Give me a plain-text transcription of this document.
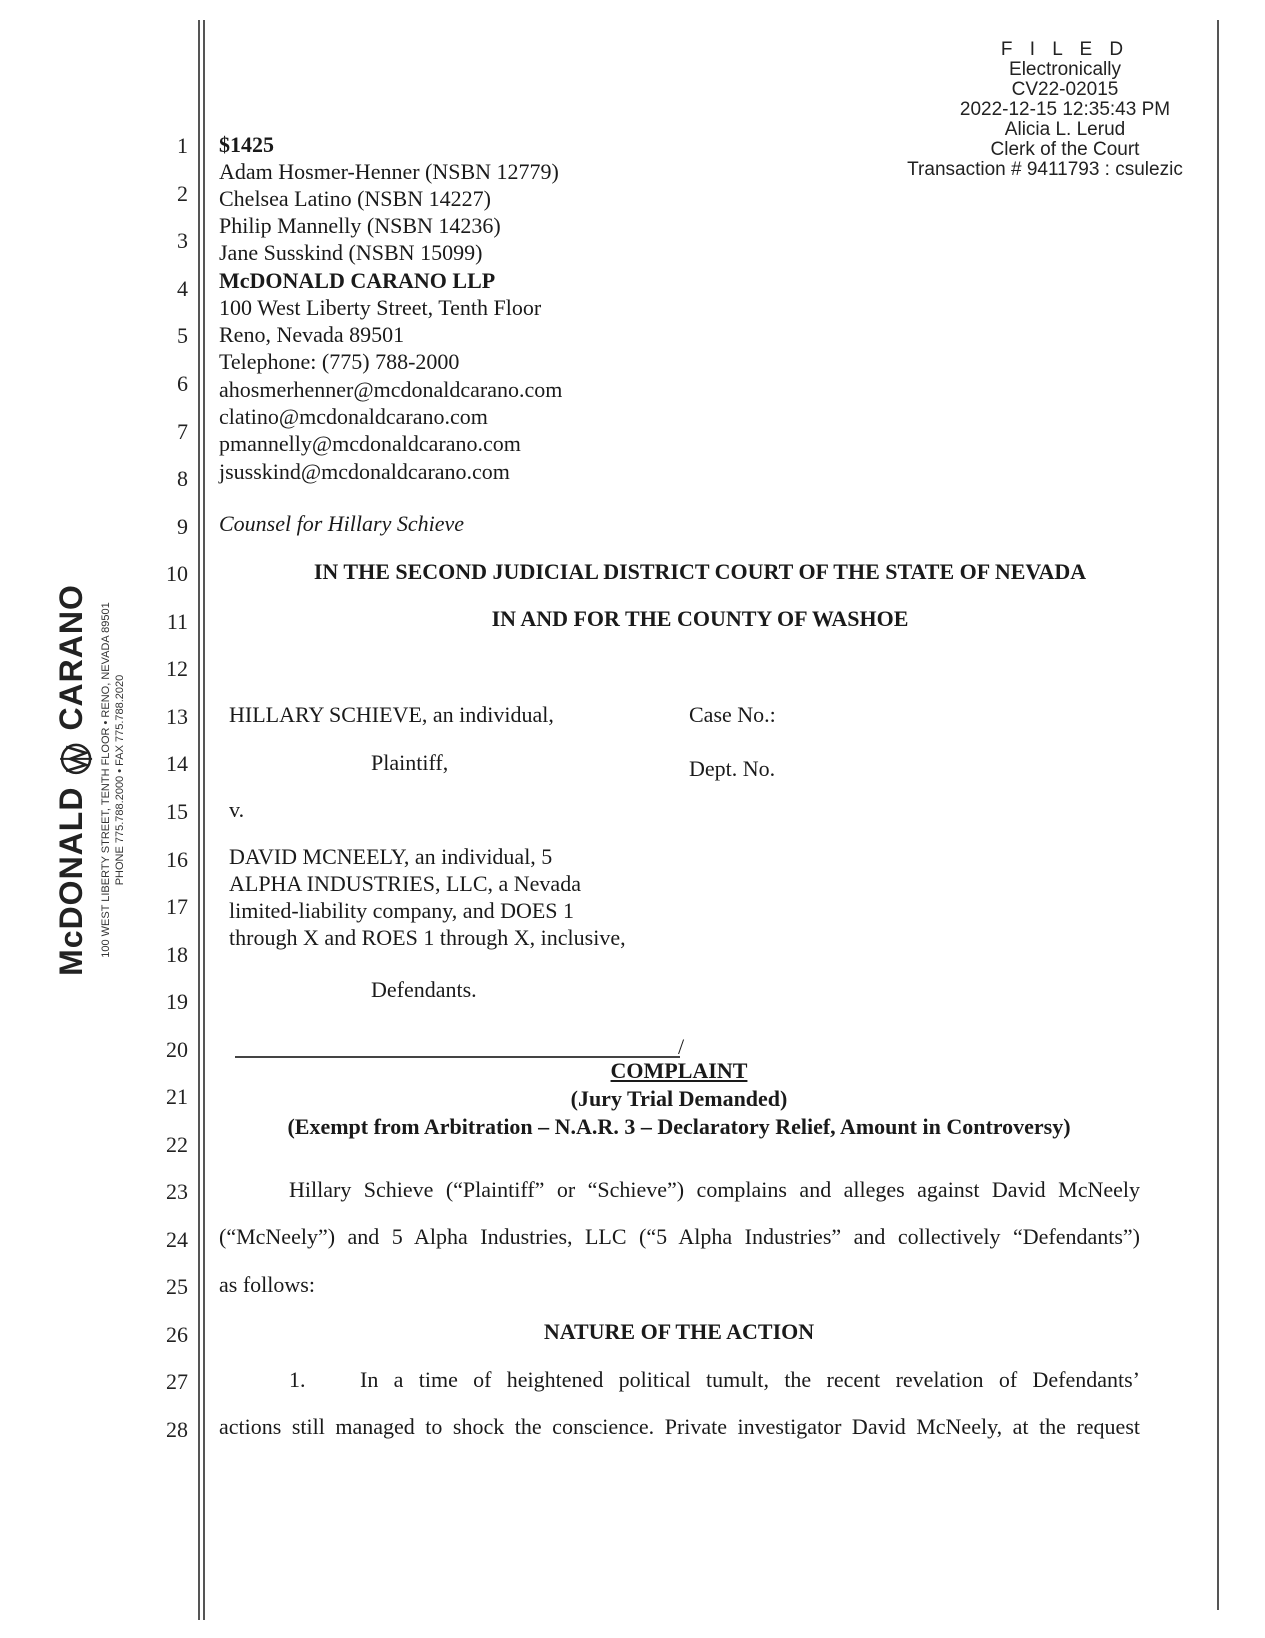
F I L E D
Electronically
CV22-02015
2022-12-15 12:35:43 PM
Alicia L. Lerud
Clerk of the Court
Transaction # 9411793 : csulezic
McDONALD  CARANO 100 WEST LIBERTY STREET, TENTH FLOOR • RENO, NEVADA 89501 PHONE 775.788.2000 • FAX 775.788.2020
1
2
3
4
5
6
7
8
9
10
11
12
13
14
15
16
17
18
19
20
21
22
23
24
25
26
27
28
$1425
Adam Hosmer-Henner (NSBN 12779)
Chelsea Latino (NSBN 14227)
Philip Mannelly (NSBN 14236)
Jane Susskind (NSBN 15099)
McDONALD CARANO LLP
100 West Liberty Street, Tenth Floor
Reno, Nevada 89501
Telephone: (775) 788-2000
ahosmerhenner@mcdonaldcarano.com
clatino@mcdonaldcarano.com
pmannelly@mcdonaldcarano.com
jsusskind@mcdonaldcarano.com
Counsel for Hillary Schieve
IN THE SECOND JUDICIAL DISTRICT COURT OF THE STATE OF NEVADA
IN AND FOR THE COUNTY OF WASHOE
HILLARY SCHIEVE, an individual,
Plaintiff,
v.
DAVID MCNEELY, an individual, 5
ALPHA INDUSTRIES, LLC, a Nevada
limited-liability company, and DOES 1
through X and ROES 1 through X, inclusive,
Defendants.
/
Case No.:
Dept. No.
COMPLAINT
(Jury Trial Demanded)
(Exempt from Arbitration – N.A.R. 3 – Declaratory Relief, Amount in Controversy)
Hillary Schieve (“Plaintiff” or “Schieve”) complains and alleges against David McNeely
(“McNeely”) and 5 Alpha Industries, LLC (“5 Alpha Industries” and collectively “Defendants”)
as follows:
NATURE OF THE ACTION
1. In a time of heightened political tumult, the recent revelation of Defendants’
actions still managed to shock the conscience. Private investigator David McNeely, at the request
